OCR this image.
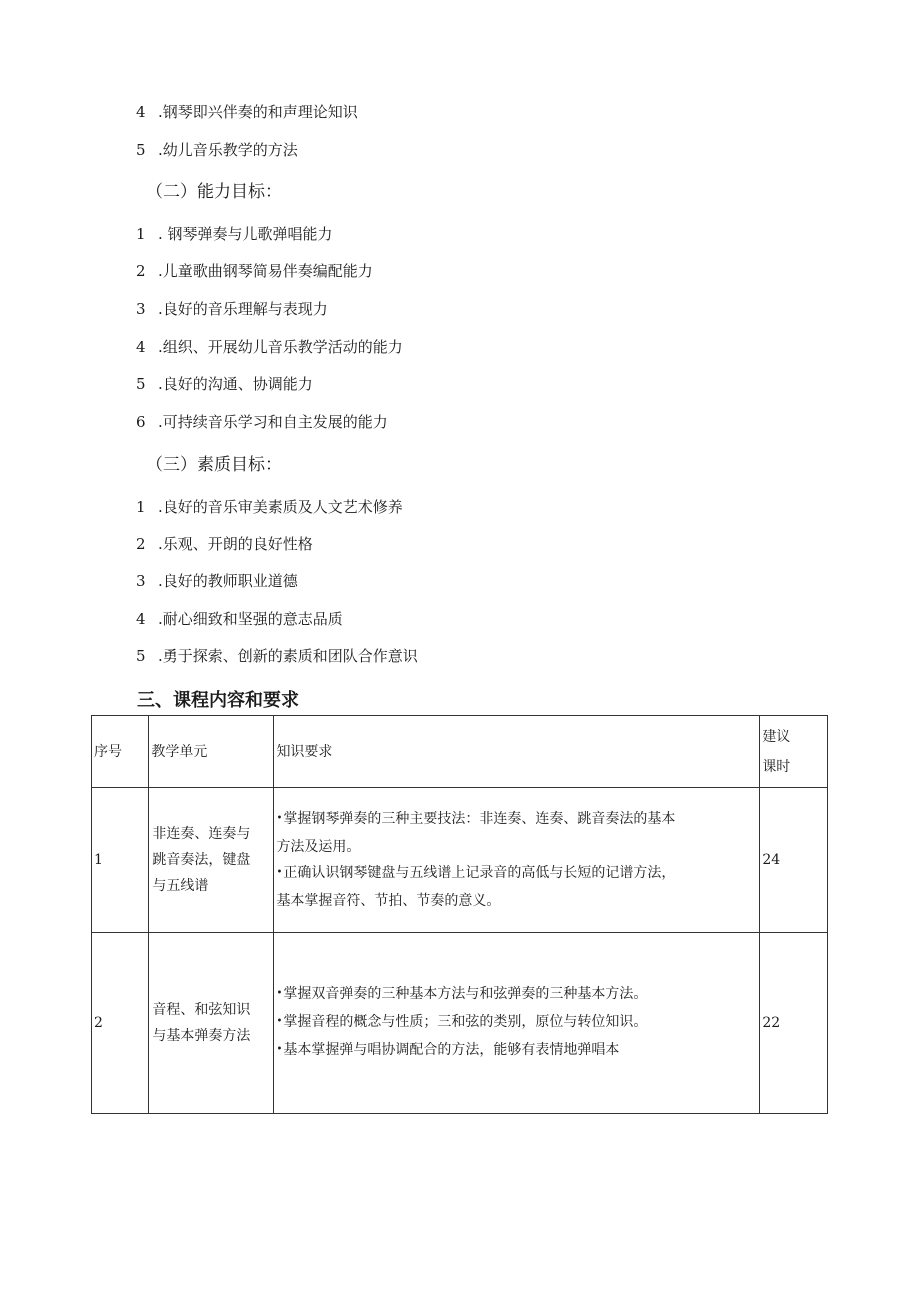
4 .钢琴即兴伴奏的和声理论知识
5 .幼儿音乐教学的方法
（二）能力目标：
1 . 钢琴弹奏与儿歌弹唱能力
2 .儿童歌曲钢琴简易伴奏编配能力
3 .良好的音乐理解与表现力
4 .组织、开展幼儿音乐教学活动的能力
5 .良好的沟通、协调能力
6 .可持续音乐学习和自主发展的能力
（三）素质目标：
1 .良好的音乐审美素质及人文艺术修养
2 .乐观、开朗的良好性格
3 .良好的教师职业道德
4 .耐心细致和坚强的意志品质
5 .勇于探索、创新的素质和团队合作意识
三、课程内容和要求
序号	教学单元	知识要求	建议
课时

1	非连奏、连奏与
跳音奏法，键盘
与五线谱	•掌握钢琴弹奏的三种主要技法：非连奏、连奏、跳音奏法的基本
方法及运用。
•正确认识钢琴键盘与五线谱上记录音的高低与长短的记谱方法，
基本掌握音符、节拍、节奏的意义。	24
2	音程、和弦知识
与基本弹奏方法	•掌握双音弹奏的三种基本方法与和弦弹奏的三种基本方法。
•掌握音程的概念与性质；三和弦的类别，原位与转位知识。
•基本掌握弹与唱协调配合的方法，能够有表情地弹唱本	22
